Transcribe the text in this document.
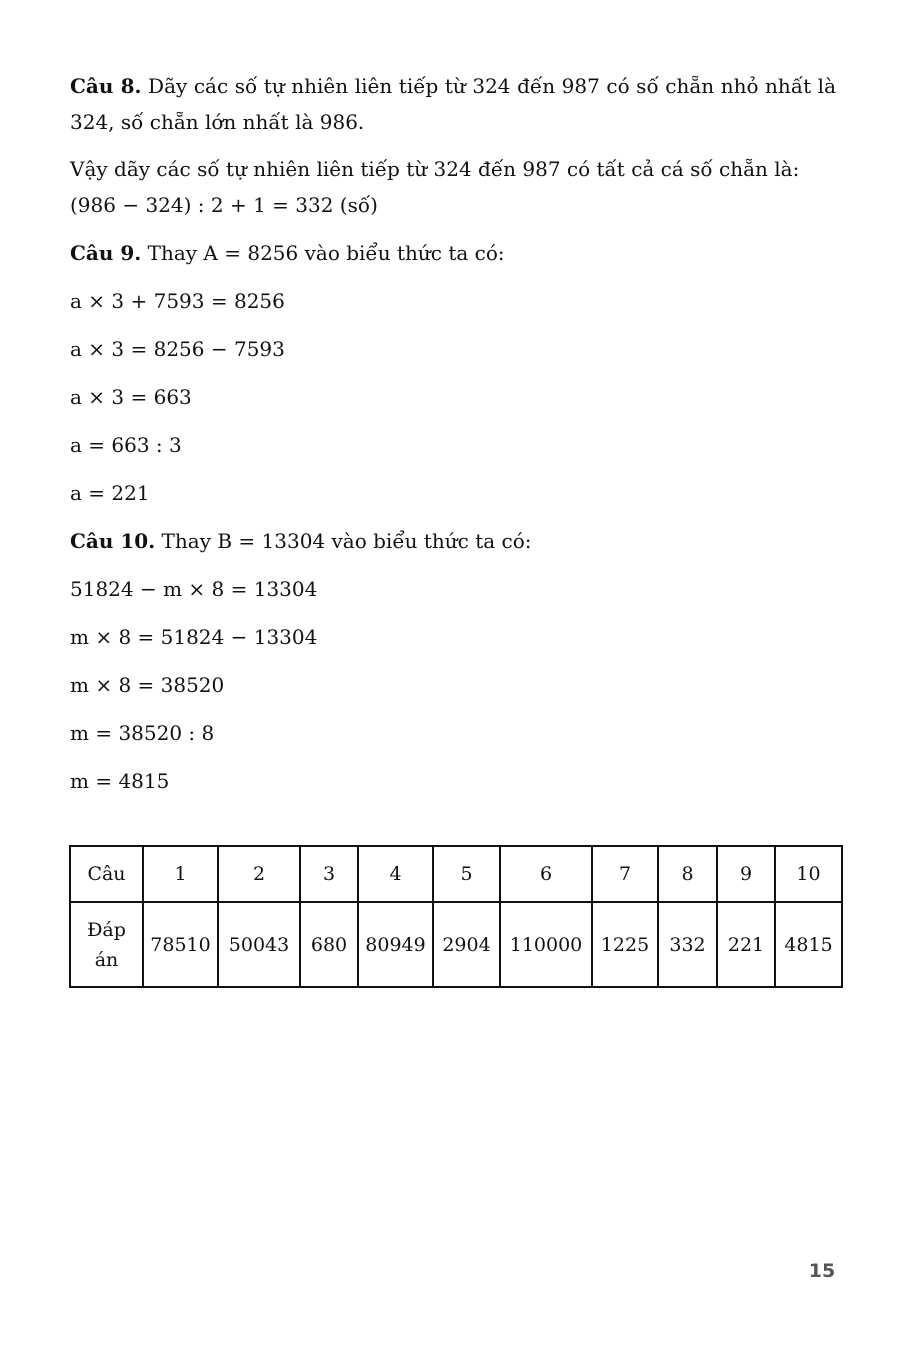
Câu 8. Dãy các số tự nhiên liên tiếp từ 324 đến 987 có số chẵn nhỏ nhất là 324, số chẵn lớn nhất là 986.

Vậy dãy các số tự nhiên liên tiếp từ 324 đến 987 có tất cả cá số chẵn là:
(986 − 324) : 2 + 1 = 332 (số)

Câu 9. Thay A = 8256 vào biểu thức ta có:

a × 3 + 7593 = 8256

a × 3 = 8256 − 7593

a × 3 = 663

a = 663 : 3

a = 221

Câu 10. Thay B = 13304 vào biểu thức ta có:

51824 − m × 8 = 13304

m × 8 = 51824 − 13304

m × 8 = 38520

m = 38520 : 8

m = 4815

Câu	1	2	3	4	5	6	7	8	9	10

Đáp án	78510	50043	680	80949	2904	110000	1225	332	221	4815
15
